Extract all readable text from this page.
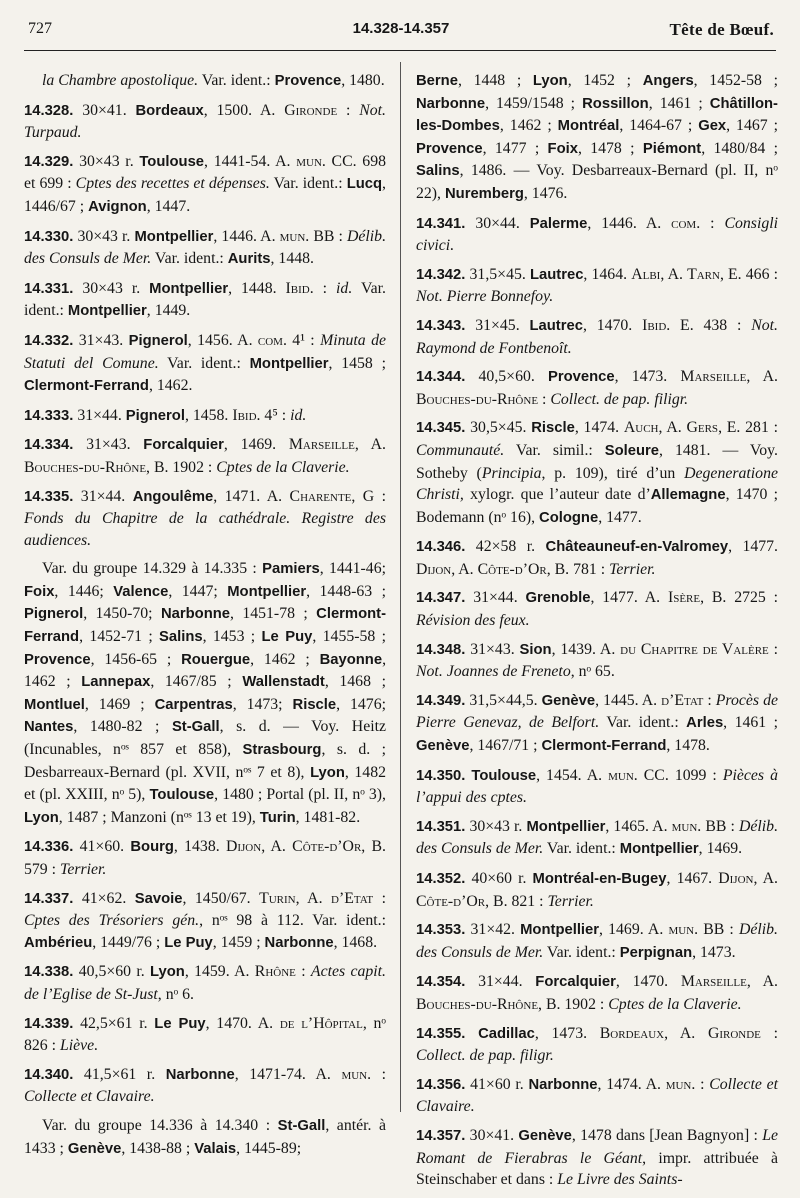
727	14.328-14.357	Tête de Bœuf.
la Chambre apostolique. Var. ident.: Provence, 1480.
14.328. 30×41. Bordeaux, 1500. A. Gironde : Not. Turpaud.
14.329. 30×43 r. Toulouse, 1441-54. A. mun. CC. 698 et 699 : Cptes des recettes et dépenses. Var. ident.: Lucq, 1446/67 ; Avignon, 1447.
14.330. 30×43 r. Montpellier, 1446. A. mun. BB : Délib. des Consuls de Mer. Var. ident.: Aurits, 1448.
14.331. 30×43 r. Montpellier, 1448. Ibid. : id. Var. ident.: Montpellier, 1449.
14.332. 31×43. Pignerol, 1456. A. com. 4¹ : Minuta de Statuti del Comune. Var. ident.: Montpellier, 1458 ; Clermont-Ferrand, 1462.
14.333. 31×44. Pignerol, 1458. Ibid. 4⁵ : id.
14.334. 31×43. Forcalquier, 1469. Marseille, A. Bouches-du-Rhône, B. 1902 : Cptes de la Claverie.
14.335. 31×44. Angoulême, 1471. A. Charente, G : Fonds du Chapitre de la cathédrale. Registre des audiences.
Var. du groupe 14.329 à 14.335 : Pamiers, 1441-46; Foix, 1446; Valence, 1447; Montpellier, 1448-63 ; Pignerol, 1450-70; Narbonne, 1451-78 ; Clermont-Ferrand, 1452-71 ; Salins, 1453 ; Le Puy, 1455-58 ; Provence, 1456-65 ; Rouergue, 1462 ; Bayonne, 1462 ; Lannepax, 1467/85 ; Wallenstadt, 1468 ; Montluel, 1469 ; Carpentras, 1473; Riscle, 1476; Nantes, 1480-82 ; St-Gall, s. d. — Voy. Heitz (Incunables, nᵒˢ 857 et 858), Strasbourg, s. d. ; Desbarreaux-Bernard (pl. XVII, nᵒˢ 7 et 8), Lyon, 1482 et (pl. XXIII, nᵒ 5), Toulouse, 1480 ; Portal (pl. II, nᵒ 3), Lyon, 1487 ; Manzoni (nᵒˢ 13 et 19), Turin, 1481-82.
14.336. 41×60. Bourg, 1438. Dijon, A. Côte-d’Or, B. 579 : Terrier.
14.337. 41×62. Savoie, 1450/67. Turin, A. d’Etat : Cptes des Trésoriers gén., nᵒˢ 98 à 112. Var. ident.: Ambérieu, 1449/76 ; Le Puy, 1459 ; Narbonne, 1468.
14.338. 40,5×60 r. Lyon, 1459. A. Rhône : Actes capit. de l’Eglise de St-Just, nᵒ 6.
14.339. 42,5×61 r. Le Puy, 1470. A. de l’Hôpital, nᵒ 826 : Liève.
14.340. 41,5×61 r. Narbonne, 1471-74. A. mun. : Collecte et Clavaire.
Var. du groupe 14.336 à 14.340 : St-Gall, antér. à 1433 ; Genève, 1438-88 ; Valais, 1445-89;
Berne, 1448 ; Lyon, 1452 ; Angers, 1452-58 ; Narbonne, 1459/1548 ; Rossillon, 1461 ; Châtillon-les-Dombes, 1462 ; Montréal, 1464-67 ; Gex, 1467 ; Provence, 1477 ; Foix, 1478 ; Piémont, 1480/84 ; Salins, 1486. — Voy. Desbarreaux-Bernard (pl. II, nᵒ 22), Nuremberg, 1476.
14.341. 30×44. Palerme, 1446. A. com. : Consigli civici.
14.342. 31,5×45. Lautrec, 1464. Albi, A. Tarn, E. 466 : Not. Pierre Bonnefoy.
14.343. 31×45. Lautrec, 1470. Ibid. E. 438 : Not. Raymond de Fontbenoît.
14.344. 40,5×60. Provence, 1473. Marseille, A. Bouches-du-Rhône : Collect. de pap. filigr.
14.345. 30,5×45. Riscle, 1474. Auch, A. Gers, E. 281 : Communauté. Var. simil.: Soleure, 1481. — Voy. Sotheby (Principia, p. 109), tiré d’un Degeneratione Christi, xylogr. que l’auteur date d’Allemagne, 1470 ; Bodemann (nᵒ 16), Cologne, 1477.
14.346. 42×58 r. Châteauneuf-en-Valromey, 1477. Dijon, A. Côte-d’Or, B. 781 : Terrier.
14.347. 31×44. Grenoble, 1477. A. Isère, B. 2725 : Révision des feux.
14.348. 31×43. Sion, 1439. A. du Chapitre de Valère : Not. Joannes de Freneto, nᵒ 65.
14.349. 31,5×44,5. Genève, 1445. A. d’Etat : Procès de Pierre Genevaz, de Belfort. Var. ident.: Arles, 1461 ; Genève, 1467/71 ; Clermont-Ferrand, 1478.
14.350. Toulouse, 1454. A. mun. CC. 1099 : Pièces à l’appui des cptes.
14.351. 30×43 r. Montpellier, 1465. A. mun. BB : Délib. des Consuls de Mer. Var. ident.: Montpellier, 1469.
14.352. 40×60 r. Montréal-en-Bugey, 1467. Dijon, A. Côte-d’Or, B. 821 : Terrier.
14.353. 31×42. Montpellier, 1469. A. mun. BB : Délib. des Consuls de Mer. Var. ident.: Perpignan, 1473.
14.354. 31×44. Forcalquier, 1470. Marseille, A. Bouches-du-Rhône, B. 1902 : Cptes de la Claverie.
14.355. Cadillac, 1473. Bordeaux, A. Gironde : Collect. de pap. filigr.
14.356. 41×60 r. Narbonne, 1474. A. mun. : Collecte et Clavaire.
14.357. 30×41. Genève, 1478 dans [Jean Bagnyon] : Le Romant de Fierabras le Géant, impr. attribuée à Steinschaber et dans : Le Livre des Saints-
